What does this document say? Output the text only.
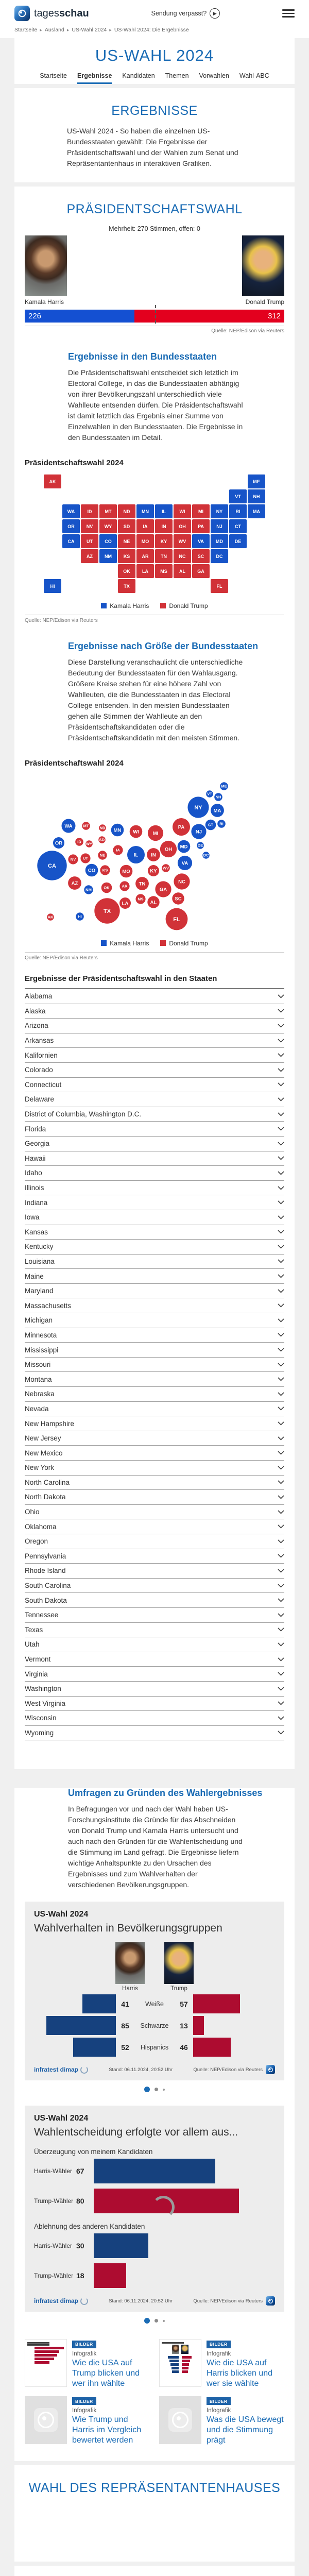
tagesschau	Sendung verpasst?	▶
Startseite ▸ Ausland ▸ US-Wahl 2024 ▸ US-Wahl 2024: Die Ergebnisse
US-WAHL 2024
Startseite Ergebnisse Kandidaten Themen Vorwahlen Wahl-ABC
ERGEBNISSE

US-Wahl 2024 - So haben die einzelnen US-Bundesstaaten gewählt: Die Ergebnisse der Präsidentschaftswahl und der Wahlen zum Senat und Repräsentantenhaus in interaktiven Grafiken.

PRÄSIDENTSCHAFTSWAHL
Mehrheit: 270 Stimmen, offen: 0
Kamala Harris	Donald Trump
226	312
Quelle: NEP/Edison via Reuters
Ergebnisse in den Bundesstaaten

Die Präsidentschaftswahl entscheidet sich letztlich im Electoral College, in das die Bundesstaaten abhängig von ihrer Bevölkerungszahl unterschiedlich viele Wahlleute entsenden dürfen. Die Präsidentschaftswahl ist damit letztlich das Ergebnis einer Summe von Einzelwahlen in den Bundesstaaten. Die Ergebnisse in den Bundesstaaten im Detail.

Präsidentschaftswahl 2024
AK	ME
VT	NH
WA	ID	MT	ND	MN	IL	WI	MI	NY	RI	MA
OR	NV	WY	SD	IA	IN	OH	PA	NJ	CT
CA	UT	CO	NE	MO	KY	WV	VA	MD	DE
AZ	NM	KS	AR	TN	NC	SC	DC
OK	LA	MS	AL	GA
HI	TX	FL
Kamala Harris	Donald Trump
Quelle: NEP/Edison via Reuters
Ergebnisse nach Größe der Bundesstaaten

Diese Darstellung veranschaulicht die unterschiedliche Bedeutung der Bundesstaaten für den Wahlausgang. Größere Kreise stehen für eine höhere Zahl von Wahlleuten, die die Bundesstaaten in das Electoral College entsenden. In den meisten Bundesstaaten gehen alle Stimmen der Wahlleute an den Präsidentschaftskandidaten oder die Präsidentschaftskandidatin mit den meisten Stimmen.

Präsidentschaftswahl 2024
ME
VT
NH
NY MA
CT RI
WA	MT	ND MN WI	MI
PA
NJ
OR	ID WY
SD
OH MD	DE
DC
IA
IL	IN
CA
NV UT
NE
VA
CO KS	MO	KY
WV
NC
AZ
NM	OK	AR TN
GA
SC
MS
AL
LA
TX
FL
AK	HI
Kamala Harris	Donald Trump
Quelle: NEP/Edison via Reuters
Ergebnisse der Präsidentschaftswahl in den Staaten
Alabama
Alaska
Arizona
Arkansas
Kalifornien
Colorado
Connecticut
Delaware
District of Columbia, Washington D.C.
Florida
Georgia
Hawaii
Idaho
Illinois
Indiana
Iowa
Kansas
Kentucky
Louisiana
Maine
Maryland
Massachusetts
Michigan
Minnesota
Mississippi
Missouri
Montana
Nebraska
Nevada
New Hampshire
New Jersey
New Mexico
New York
North Carolina
North Dakota
Ohio
Oklahoma
Oregon
Pennsylvania
Rhode Island
South Carolina
South Dakota
Tennessee
Texas
Utah
Vermont
Virginia
Washington
West Virginia
Wisconsin
Wyoming
Umfragen zu Gründen des Wahlergebnisses

In Befragungen vor und nach der Wahl haben US-Forschungsinstitute die Gründe für das Abschneiden von Donald Trump und Kamala Harris untersucht und auch nach den Gründen für die Wahlentscheidung und die Stimmung im Land gefragt. Die Ergebnisse liefern wichtige Anhaltspunkte zu den Ursachen des Ergebnisses und zum Wahlverhalten der verschiedenen Bevölkerungsgruppen.

US-Wahl 2024
Wahlverhalten in Bevölkerungsgruppen
Harris	Trump
41	Weiße	57
85	Schwarze	13
52	Hispanics	46
infratest dimap	Stand: 06.11.2024, 20:52 Uhr	Quelle: NEP/Edison via Reuters
US-Wahl 2024
Wahlentscheidung erfolgte vor allem aus...
Überzeugung von meinem Kandidaten
Harris-Wähler 67
Trump-Wähler 80
Ablehnung des anderen Kandidaten
Harris-Wähler 30
Trump-Wähler 18
infratest dimap	Stand: 06.11.2024, 20:52 Uhr	Quelle: NEP/Edison via Reuters
BILDER
Infografik
Wie die USA auf Trump blicken und wer ihn wählte
BILDER
Infografik
Wie die USA auf Harris blicken und wer sie wählte
BILDER
Infografik
Wie Trump und Harris im Vergleich bewertet werden
BILDER
Infografik
Was die USA bewegt und die Stimmung prägt
WAHL DES REPRÄSENTANTENHAUSES
